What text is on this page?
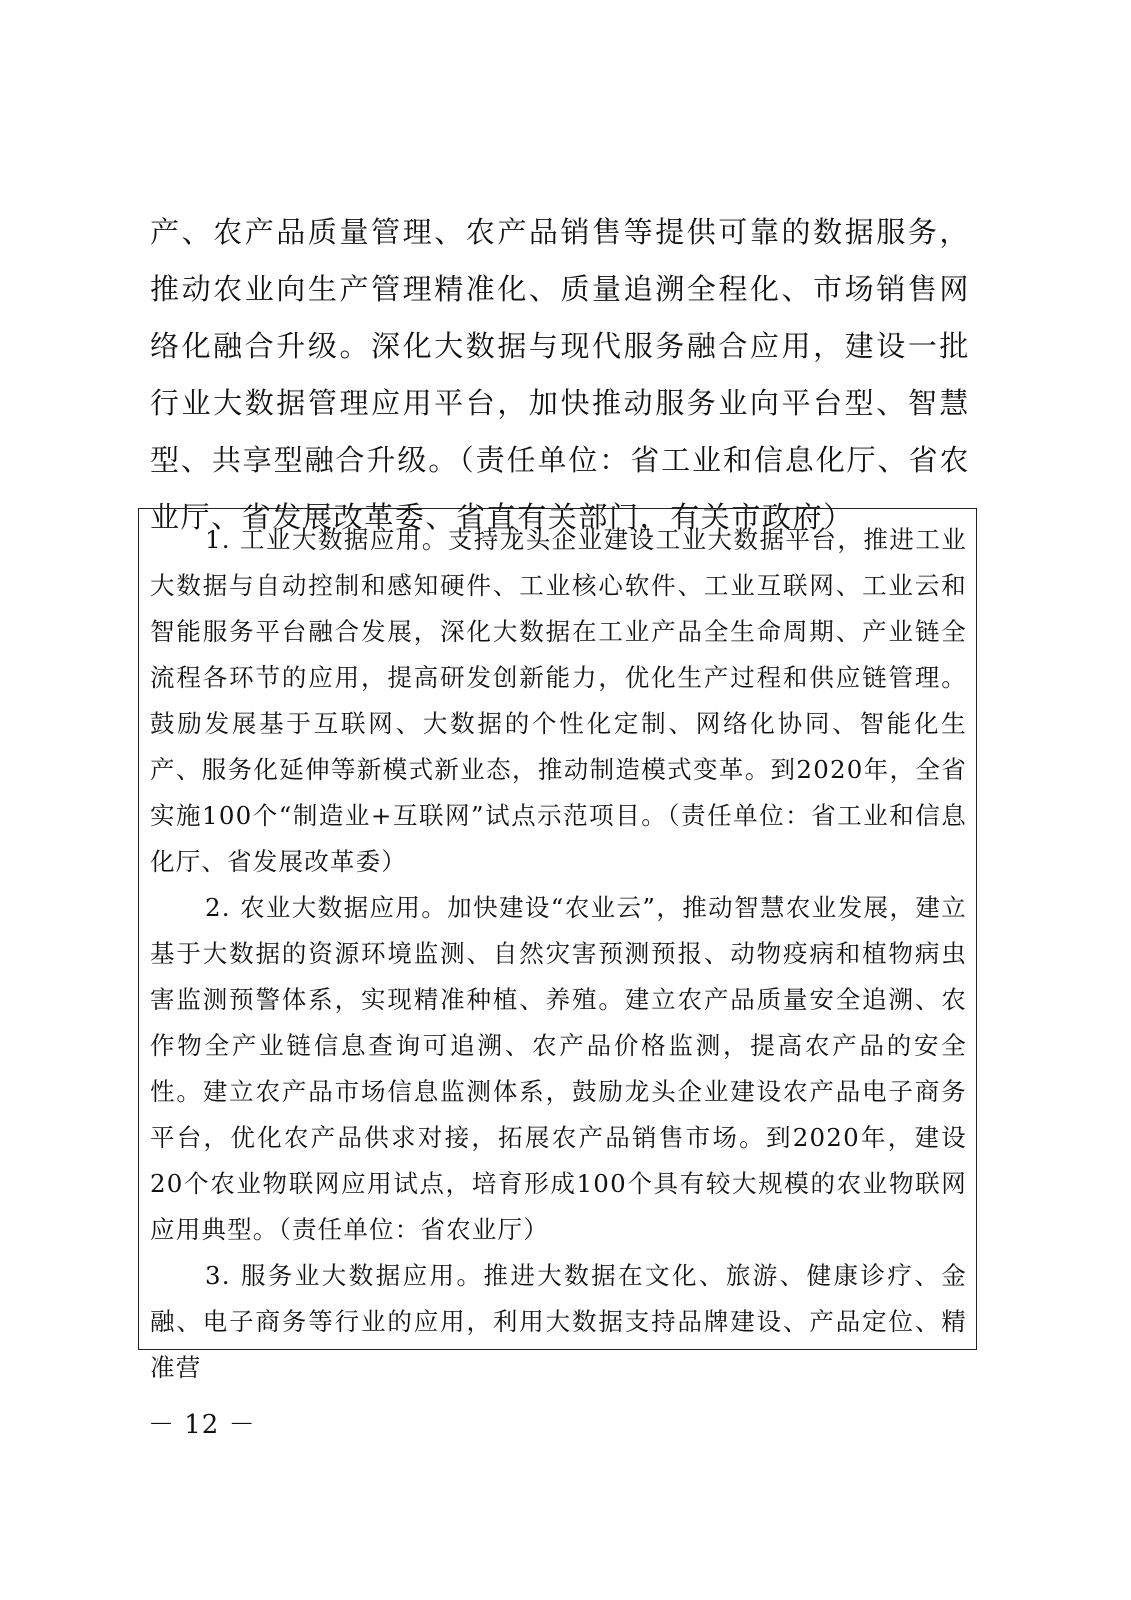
产、农产品质量管理、农产品销售等提供可靠的数据服务，推动农业向生产管理精准化、质量追溯全程化、市场销售网络化融合升级。深化大数据与现代服务融合应用，建设一批行业大数据管理应用平台，加快推动服务业向平台型、智慧型、共享型融合升级。（责任单位：省工业和信息化厅、省农业厅、省发展改革委、省直有关部门，有关市政府）

1. 工业大数据应用。支持龙头企业建设工业大数据平台，推进工业大数据与自动控制和感知硬件、工业核心软件、工业互联网、工业云和智能服务平台融合发展，深化大数据在工业产品全生命周期、产业链全流程各环节的应用，提高研发创新能力，优化生产过程和供应链管理。鼓励发展基于互联网、大数据的个性化定制、网络化协同、智能化生产、服务化延伸等新模式新业态，推动制造模式变革。到2020年，全省实施100个“制造业+互联网”试点示范项目。（责任单位：省工业和信息化厅、省发展改革委）

2. 农业大数据应用。加快建设“农业云”，推动智慧农业发展，建立基于大数据的资源环境监测、自然灾害预测预报、动物疫病和植物病虫害监测预警体系，实现精准种植、养殖。建立农产品质量安全追溯、农作物全产业链信息查询可追溯、农产品价格监测，提高农产品的安全性。建立农产品市场信息监测体系，鼓励龙头企业建设农产品电子商务平台，优化农产品供求对接，拓展农产品销售市场。到2020年，建设20个农业物联网应用试点，培育形成100个具有较大规模的农业物联网应用典型。（责任单位：省农业厅）

3. 服务业大数据应用。推进大数据在文化、旅游、健康诊疗、金融、电子商务等行业的应用，利用大数据支持品牌建设、产品定位、精准营

－ 12 －
